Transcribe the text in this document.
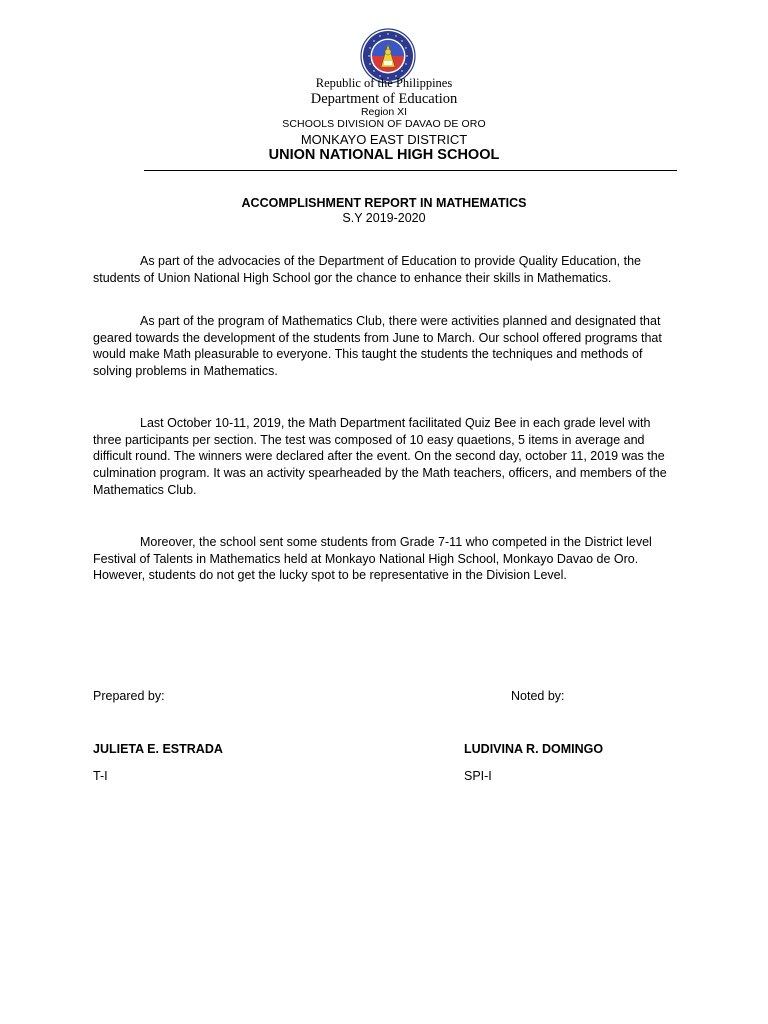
Republic of the Philippines
Department of Education
Region XI
SCHOOLS DIVISION OF DAVAO DE ORO
MONKAYO EAST DISTRICT
UNION NATIONAL HIGH SCHOOL
ACCOMPLISHMENT REPORT IN MATHEMATICS
S.Y 2019-2020

As part of the advocacies of the Department of Education to provide Quality Education, the students of Union National High School gor the chance to enhance their skills in Mathematics.

As part of the program of Mathematics Club, there were activities planned and designated that geared towards the development of the students from June to March. Our school offered programs that would make Math pleasurable to everyone. This taught the students the techniques and methods of solving problems in Mathematics.

Last October 10-11, 2019, the Math Department facilitated Quiz Bee in each grade level with three participants per section. The test was composed of 10 easy quaetions, 5 items in average and difficult round. The winners were declared after the event. On the second day, october 11, 2019 was the culmination program. It was an activity spearheaded by the Math teachers, officers, and members of the Mathematics Club.

Moreover, the school sent some students from Grade 7-11 who competed in the District level Festival of Talents in Mathematics held at Monkayo National High School, Monkayo Davao de Oro. However, students do not get the lucky spot to be representative in the Division Level.

Prepared by:	Noted by:
JULIETA E. ESTRADA	LUDIVINA R. DOMINGO
T-I	SPI-I
